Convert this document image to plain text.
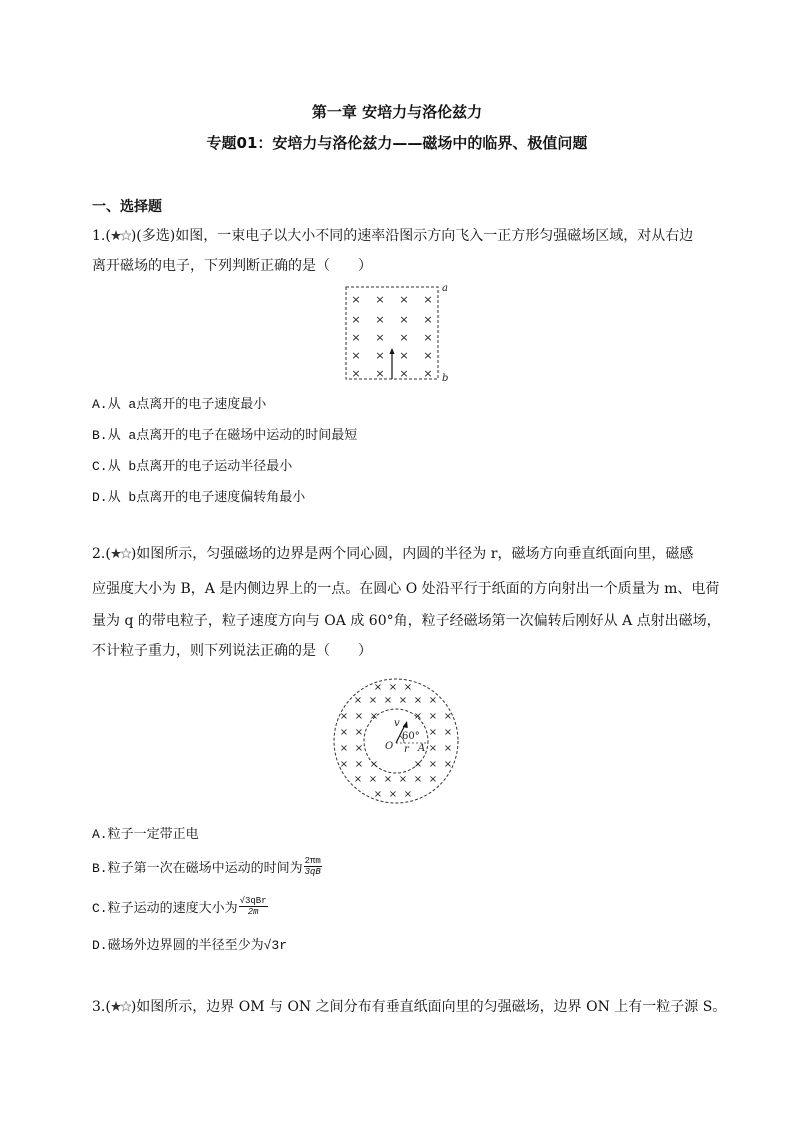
第一章 安培力与洛伦兹力
专题01：安培力与洛伦兹力——磁场中的临界、极值问题
一、选择题
1.( )(多选)如图，一束电子以大小不同的速率沿图示方向飞入一正方形匀强磁场区域，对从右边
离开磁场的电子，下列判断正确的是（　　）
× × × ×
× × × ×
× × × ×
× × × ×
× × × ×
a
b
A.从 a点离开的电子速度最小
B.从 a点离开的电子在磁场中运动的时间最短
C.从 b点离开的电子运动半径最小
D.从 b点离开的电子速度偏转角最小
2.( )如图所示，匀强磁场的边界是两个同心圆，内圆的半径为 r，磁场方向垂直纸面向里，磁感
应强度大小为 B，A 是内侧边界上的一点。在圆心 O 处沿平行于纸面的方向射出一个质量为 m、电荷
量为 q 的带电粒子，粒子速度方向与 OA 成 60°角，粒子经磁场第一次偏转后刚好从 A 点射出磁场，
不计粒子重力，则下列说法正确的是（　　）
× × ×
× × × × × ×
× × ×	× × ×
× ×	× ×
× ×	× ×
× × ×	× × ×
× × × × × ×
× × ×
v
60°
O r A
A.粒子一定带正电
B.粒子第一次在磁场中运动的时间为 $\frac{2\pi m}{3qB}$
C.粒子运动的速度大小为 $\frac{\text{√3qBr}}{2m}$
D.磁场外边界圆的半径至少为√3r
3.( )如图所示，边界 OM 与 ON 之间分布有垂直纸面向里的匀强磁场，边界 ON 上有一粒子源 S。
